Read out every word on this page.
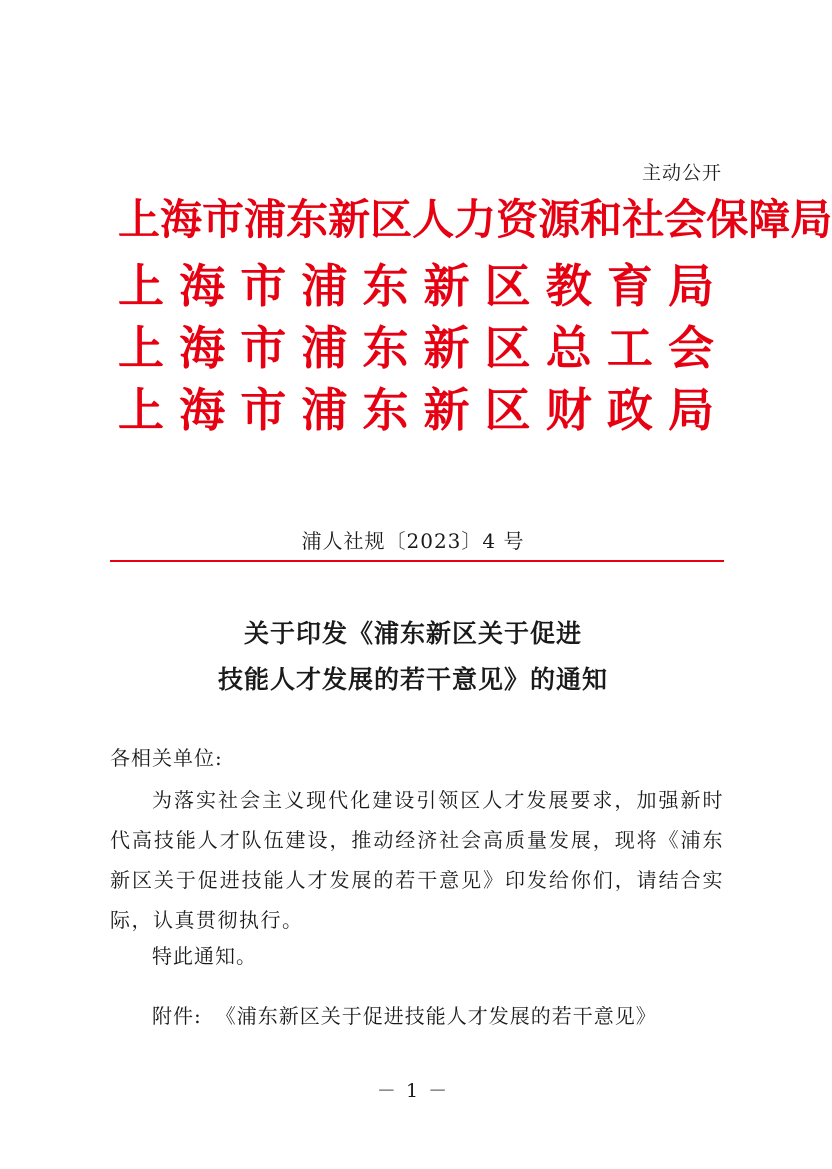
主动公开
上 海 市 浦 东 新 区 人 力 资 源 和 社 会 保 障 局
上 海 市 浦 东 新 区 教 育 局
上 海 市 浦 东 新 区 总 工 会
上 海 市 浦 东 新 区 财 政 局
浦人社规〔2023〕4 号
关于印发《浦东新区关于促进
技能人才发展的若干意见》的通知
各相关单位:
为落实社会主义现代化建设引领区人才发展要求，加强新时代高技能人才队伍建设，推动经济社会高质量发展，现将《浦东新区关于促进技能人才发展的若干意见》印发给你们，请结合实际，认真贯彻执行。
特此通知。
附件: 《浦东新区关于促进技能人才发展的若干意见》
－ 1 －
